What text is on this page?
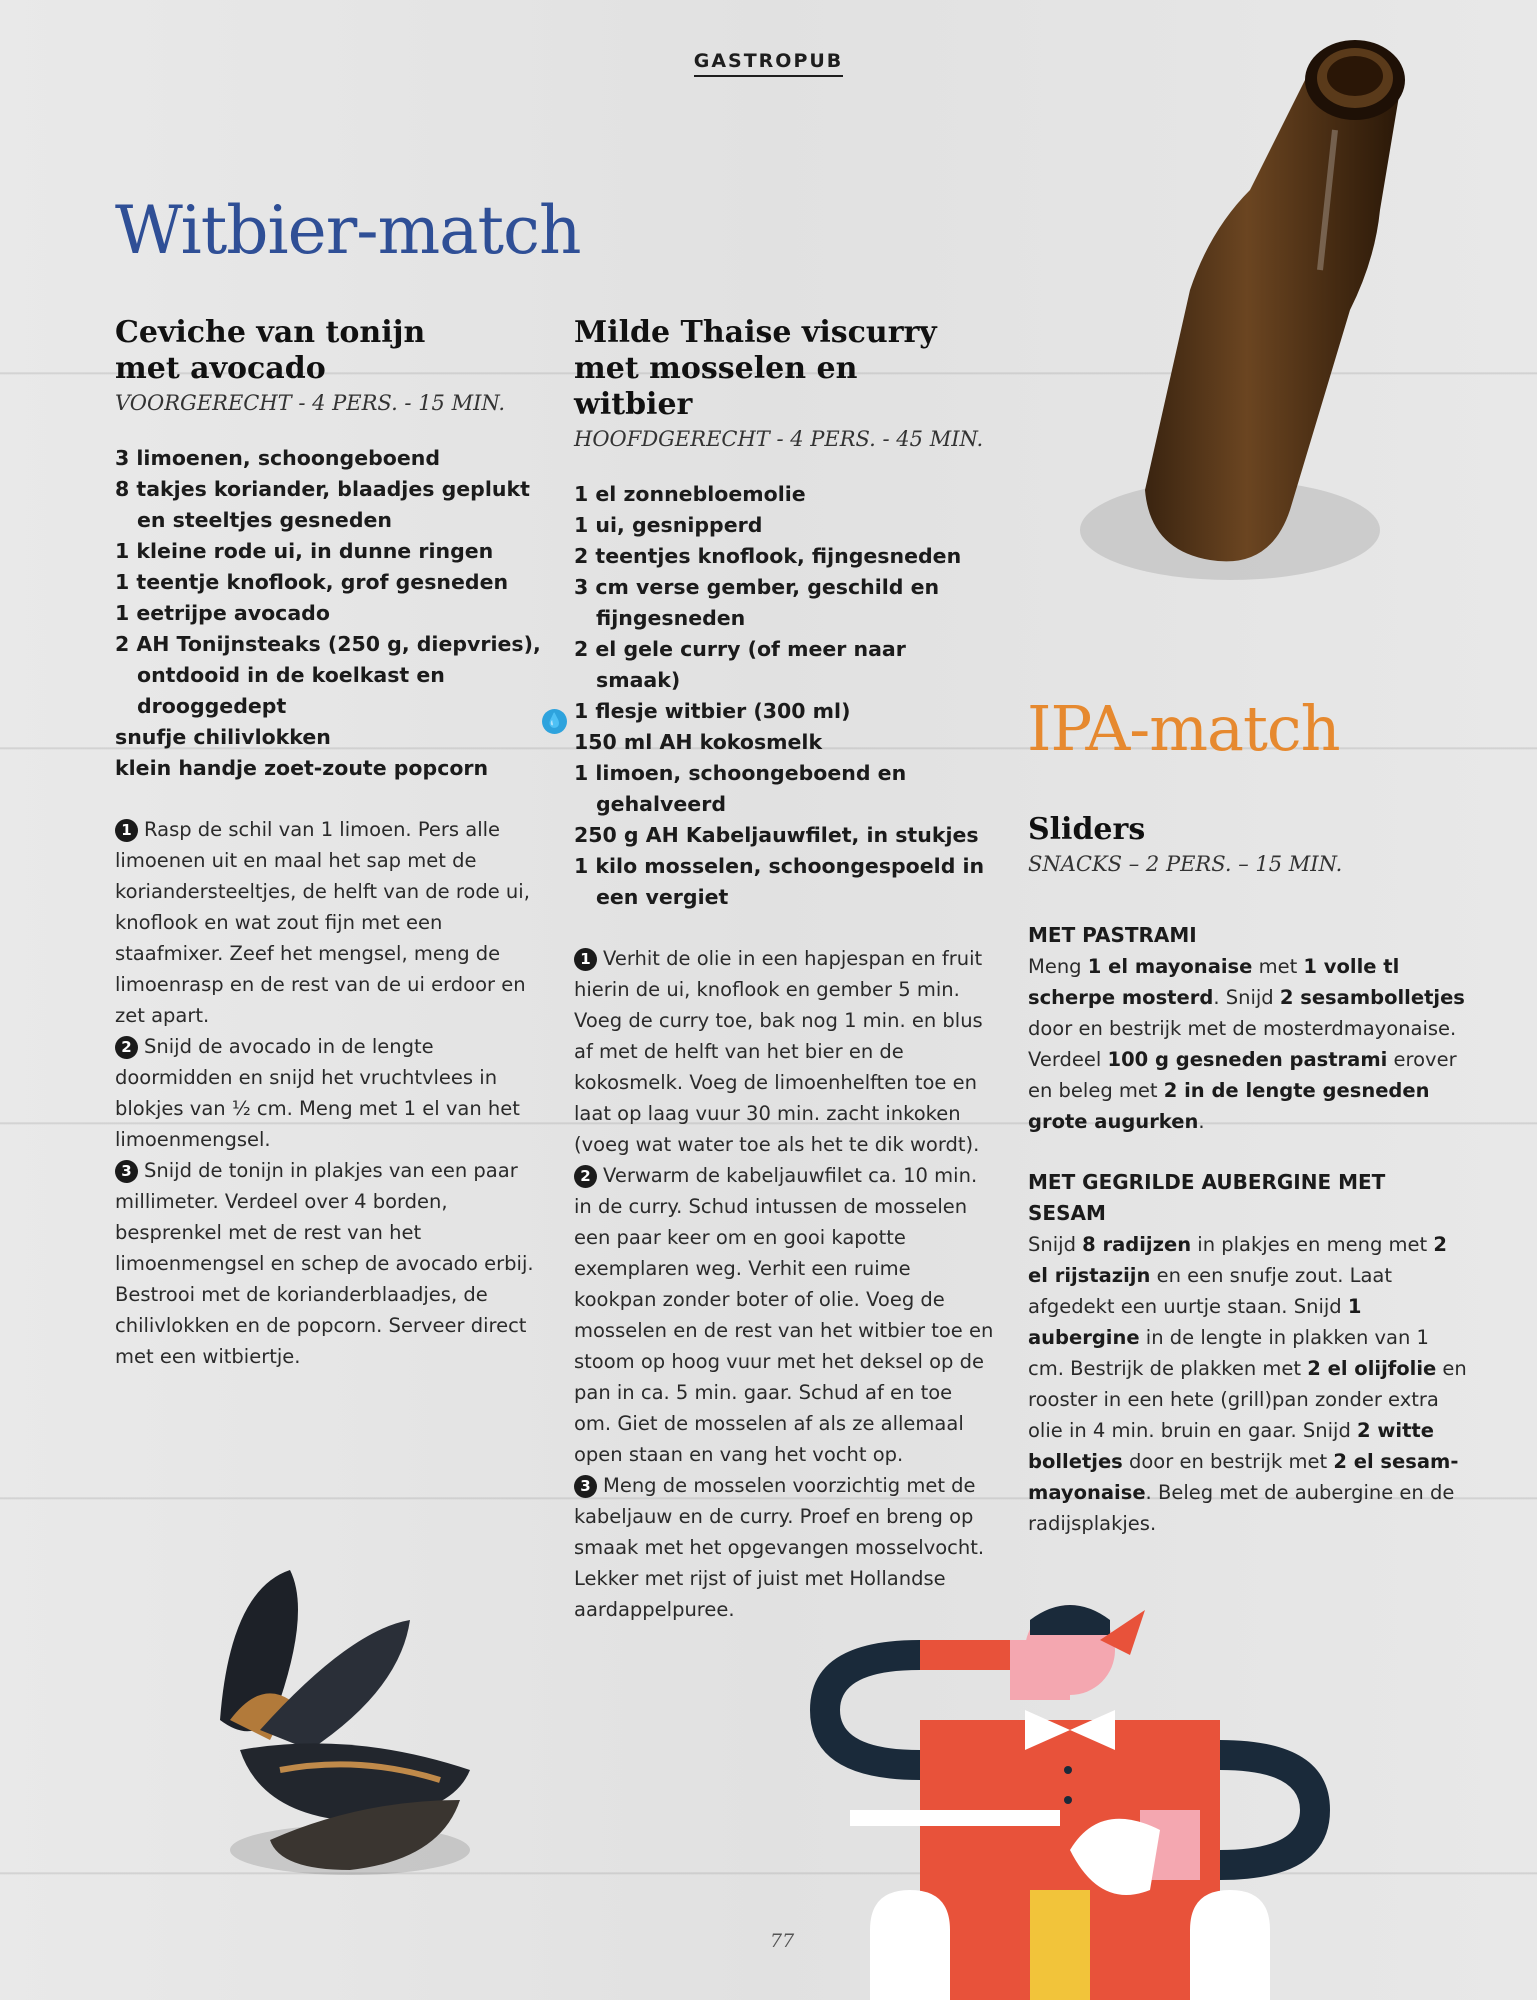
GASTROPUB
Witbier-match
Ceviche van tonijn
met avocado

VOORGERECHT - 4 PERS. - 15 MIN.

3 limoenen, schoongeboend
8 takjes koriander, blaadjes geplukt en steeltjes gesneden
1 kleine rode ui, in dunne ringen
1 teentje knoflook, grof gesneden
1 eetrijpe avocado
2 AH Tonijnsteaks (250 g, diepvries), ontdooid in de koelkast en drooggedept
snufje chilivlokken
klein handje zoet-zoute popcorn

1 Rasp de schil van 1 limoen. Pers alle limoenen uit en maal het sap met de koriandersteeltjes, de helft van de rode ui, knoflook en wat zout fijn met een staafmixer. Zeef het mengsel, meng de limoenrasp en de rest van de ui erdoor en zet apart.

2 Snijd de avocado in de lengte doormidden en snijd het vruchtvlees in blokjes van ½ cm. Meng met 1 el van het limoenmengsel.

3 Snijd de tonijn in plakjes van een paar millimeter. Verdeel over 4 borden, besprenkel met de rest van het limoenmengsel en schep de avocado erbij. Bestrooi met de korianderblaadjes, de chilivlokken en de popcorn. Serveer direct met een witbiertje.

Milde Thaise viscurry
met mosselen en
witbier

HOOFDGERECHT - 4 PERS. - 45 MIN.

1 el zonnebloemolie
1 ui, gesnipperd
2 teentjes knoflook, fijngesneden
3 cm verse gember, geschild en fijngesneden
2 el gele curry (of meer naar smaak)
1 flesje witbier (300 ml)
150 ml AH kokosmelk
1 limoen, schoongeboend en gehalveerd
250 g AH Kabeljauwfilet, in stukjes
1 kilo mosselen, schoongespoeld in een vergiet

1 Verhit de olie in een hapjespan en fruit hierin de ui, knoflook en gember 5 min. Voeg de curry toe, bak nog 1 min. en blus af met de helft van het bier en de kokosmelk. Voeg de limoenhelften toe en laat op laag vuur 30 min. zacht inkoken (voeg wat water toe als het te dik wordt).

2 Verwarm de kabeljauwfilet ca. 10 min. in de curry. Schud intussen de mosselen een paar keer om en gooi kapotte exemplaren weg. Verhit een ruime kookpan zonder boter of olie. Voeg de mosselen en de rest van het witbier toe en stoom op hoog vuur met het deksel op de pan in ca. 5 min. gaar. Schud af en toe om. Giet de mosselen af als ze allemaal open staan en vang het vocht op.

3 Meng de mosselen voorzichtig met de kabeljauw en de curry. Proef en breng op smaak met het opgevangen mosselvocht. Lekker met rijst of juist met Hollandse aardappelpuree.

💧	IPA-match
Sliders

SNACKS – 2 PERS. – 15 MIN.

MET PASTRAMI

Meng 1 el mayonaise met 1 volle tl scherpe mosterd. Snijd 2 sesambolletjes door en bestrijk met de mosterdmayonaise. Verdeel 100 g gesneden pastrami erover en beleg met 2 in de lengte gesneden grote augurken.

MET GEGRILDE AUBERGINE MET SESAM

Snijd 8 radijzen in plakjes en meng met 2 el rijstazijn en een snufje zout. Laat afgedekt een uurtje staan. Snijd 1 aubergine in de lengte in plakken van 1 cm. Bestrijk de plakken met 2 el olijfolie en rooster in een hete (grill)pan zonder extra olie in 4 min. bruin en gaar. Snijd 2 witte bolletjes door en bestrijk met 2 el sesam-mayonaise. Beleg met de aubergine en de radijsplakjes.

77
